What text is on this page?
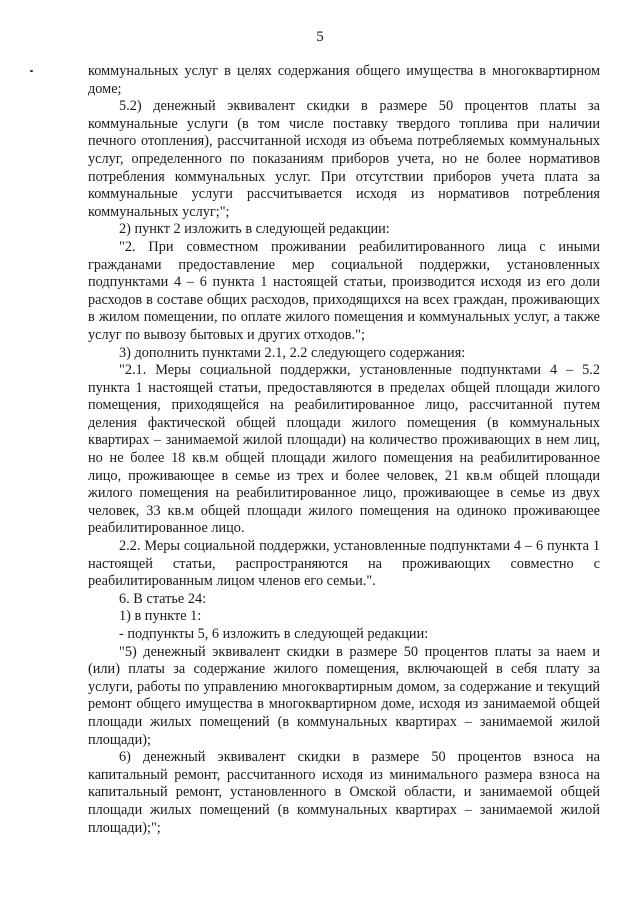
5

коммунальных услуг в целях содержания общего имущества в многоквартирном доме;

5.2) денежный эквивалент скидки в размере 50 процентов платы за коммунальные услуги (в том числе поставку твердого топлива при наличии печного отопления), рассчитанной исходя из объема потребляемых коммунальных услуг, определенного по показаниям приборов учета, но не более нормативов потребления коммунальных услуг. При отсутствии приборов учета плата за коммунальные услуги рассчитывается исходя из нормативов потребления коммунальных услуг;";

2) пункт 2 изложить в следующей редакции:

"2. При совместном проживании реабилитированного лица с иными гражданами предоставление мер социальной поддержки, установленных подпунктами 4 – 6 пункта 1 настоящей статьи, производится исходя из его доли расходов в составе общих расходов, приходящихся на всех граждан, проживающих в жилом помещении, по оплате жилого помещения и коммунальных услуг, а также услуг по вывозу бытовых и других отходов.";

3) дополнить пунктами 2.1, 2.2 следующего содержания:

"2.1. Меры социальной поддержки, установленные подпунктами 4 – 5.2 пункта 1 настоящей статьи, предоставляются в пределах общей площади жилого помещения, приходящейся на реабилитированное лицо, рассчитанной путем деления фактической общей площади жилого помещения (в коммунальных квартирах – занимаемой жилой площади) на количество проживающих в нем лиц, но не более 18 кв.м общей площади жилого помещения на реабилитированное лицо, проживающее в семье из трех и более человек, 21 кв.м общей площади жилого помещения на реабилитированное лицо, проживающее в семье из двух человек, 33 кв.м общей площади жилого помещения на одиноко проживающее реабилитированное лицо.

2.2. Меры социальной поддержки, установленные подпунктами 4 – 6 пункта 1 настоящей статьи, распространяются на проживающих совместно с реабилитированным лицом членов его семьи.".

6. В статье 24:

1) в пункте 1:

- подпункты 5, 6 изложить в следующей редакции:

"5) денежный эквивалент скидки в размере 50 процентов платы за наем и (или) платы за содержание жилого помещения, включающей в себя плату за услуги, работы по управлению многоквартирным домом, за содержание и текущий ремонт общего имущества в многоквартирном доме, исходя из занимаемой общей площади жилых помещений (в коммунальных квартирах – занимаемой жилой площади);

6) денежный эквивалент скидки в размере 50 процентов взноса на капитальный ремонт, рассчитанного исходя из минимального размера взноса на капитальный ремонт, установленного в Омской области, и занимаемой общей площади жилых помещений (в коммунальных квартирах – занимаемой жилой площади);";
